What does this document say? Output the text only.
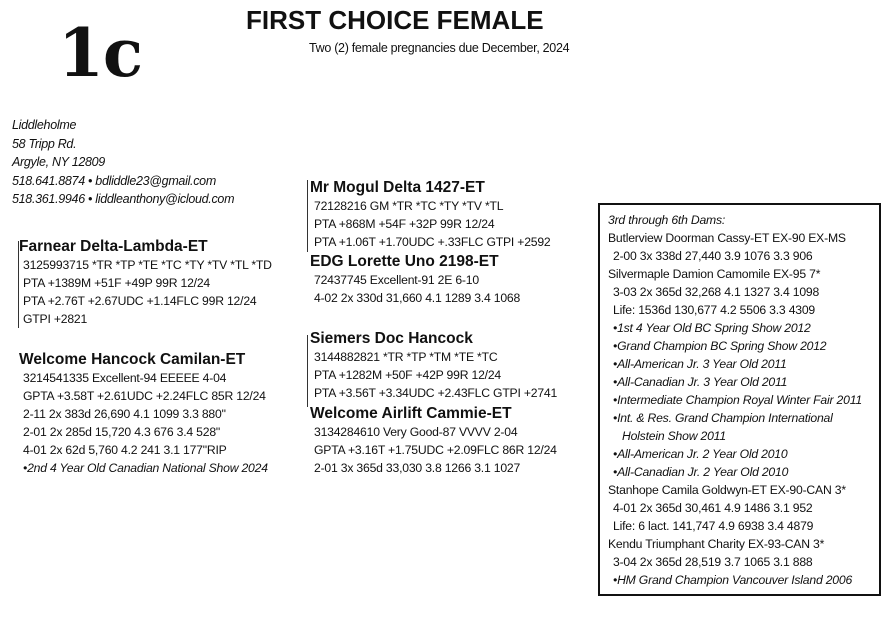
1c	FIRST CHOICE FEMALE
Two (2) female pregnancies due December, 2024
Liddleholme
58 Tripp Rd.
Argyle, NY 12809
518.641.8874 • bdliddle23@gmail.com
518.361.9946 • liddleanthony@icloud.com
Farnear Delta-Lambda-ET
3125993715 *TR *TP *TE *TC *TY *TV *TL *TD
PTA +1389M +51F +49P 99R 12/24
PTA +2.76T +2.67UDC +1.14FLC 99R 12/24
GTPI +2821
Welcome Hancock Camilan-ET
3214541335 Excellent-94 EEEEE 4-04
GPTA +3.58T +2.61UDC +2.24FLC 85R 12/24
2-11 2x 383d 26,690 4.1 1099 3.3 880"
2-01 2x 285d 15,720 4.3 676 3.4 528"
4-01 2x 62d 5,760 4.2 241 3.1 177"RIP
•2nd 4 Year Old Canadian National Show 2024
Mr Mogul Delta 1427-ET
72128216 GM *TR *TC *TY *TV *TL
PTA +868M +54F +32P 99R 12/24
PTA +1.06T +1.70UDC +.33FLC GTPI +2592
EDG Lorette Uno 2198-ET
72437745 Excellent-91 2E 6-10
4-02 2x 330d 31,660 4.1 1289 3.4 1068
Siemers Doc Hancock
3144882821 *TR *TP *TM *TE *TC
PTA +1282M +50F +42P 99R 12/24
PTA +3.56T +3.34UDC +2.43FLC GTPI +2741
Welcome Airlift Cammie-ET
3134284610 Very Good-87 VVVV 2-04
GPTA +3.16T +1.75UDC +2.09FLC 86R 12/24
2-01 3x 365d 33,030 3.8 1266 3.1 1027
3rd through 6th Dams:
Butlerview Doorman Cassy-ET EX-90 EX-MS
2-00 3x 338d 27,440 3.9 1076 3.3 906
Silvermaple Damion Camomile EX-95 7*
3-03 2x 365d 32,268 4.1 1327 3.4 1098
Life: 1536d 130,677 4.2 5506 3.3 4309
•1st 4 Year Old BC Spring Show 2012
•Grand Champion BC Spring Show 2012
•All-American Jr. 3 Year Old 2011
•All-Canadian Jr. 3 Year Old 2011
•Intermediate Champion Royal Winter Fair 2011
•Int. & Res. Grand Champion International
Holstein Show 2011
•All-American Jr. 2 Year Old 2010
•All-Canadian Jr. 2 Year Old 2010
Stanhope Camila Goldwyn-ET EX-90-CAN 3*
4-01 2x 365d 30,461 4.9 1486 3.1 952
Life: 6 lact. 141,747 4.9 6938 3.4 4879
Kendu Triumphant Charity EX-93-CAN 3*
3-04 2x 365d 28,519 3.7 1065 3.1 888
•HM Grand Champion Vancouver Island 2006
